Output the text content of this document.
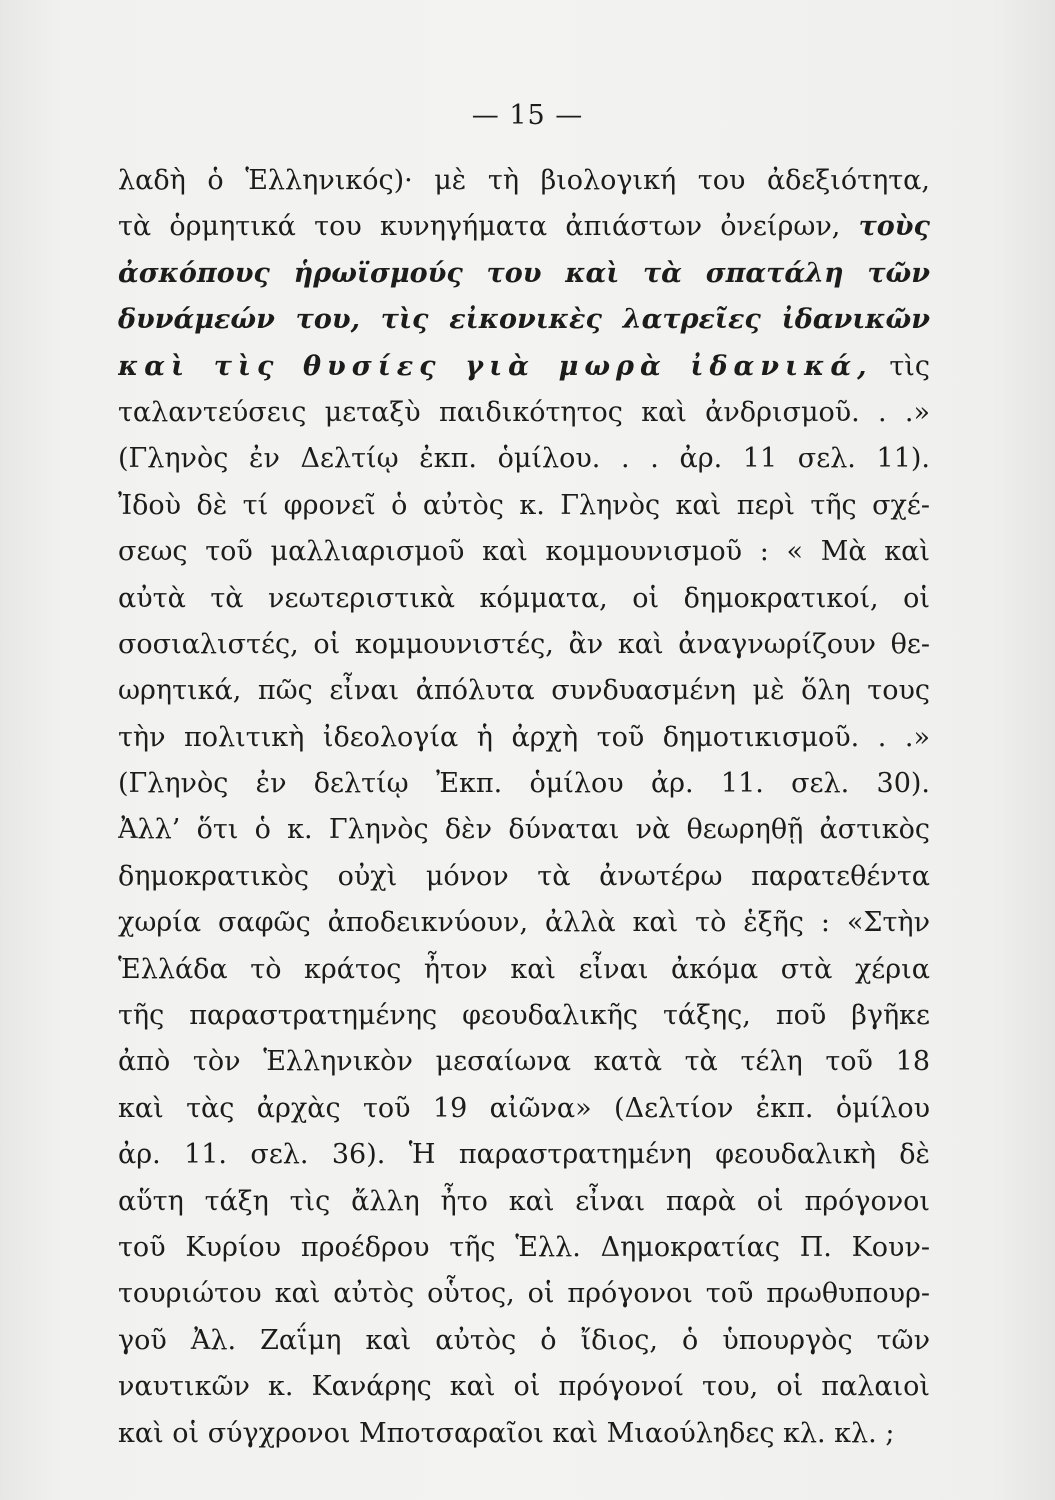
— 15 —
λαδὴ ὁ Ἑλληνικός)· μὲ τὴ βιολογική του ἀδεξιότητα,
τὰ ὁρμητικά του κυνηγήματα ἀπιάστων ὀνείρων, τοὺς
ἀσκόπους ἡρωϊσμούς του καὶ τὰ σπατάλη τῶν
δυνάμεών του, τὶς εἰκονικὲς λατρεῖες ἰδανικῶν
καὶ τὶς θυσίες γιὰ μωρὰ ἰδανικά, τὶς
ταλαντεύσεις μεταξὺ παιδικότητος καὶ ἀνδρισμοῦ. . .»
(Γληνὸς ἐν Δελτίῳ ἐκπ. ὁμίλου. . . ἀρ. 11 σελ. 11).
Ἰδοὺ δὲ τί φρονεῖ ὁ αὐτὸς κ. Γληνὸς καὶ περὶ τῆς σχέ-
σεως τοῦ μαλλιαρισμοῦ καὶ κομμουνισμοῦ : « Μὰ καὶ
αὐτὰ τὰ νεωτεριστικὰ κόμματα, οἱ δημοκρατικοί, οἱ
σοσιαλιστές, οἱ κομμουνιστές, ἂν καὶ ἀναγνωρίζουν θε-
ωρητικά, πῶς εἶναι ἀπόλυτα συνδυασμένη μὲ ὅλη τους
τὴν πολιτικὴ ἰδεολογία ἡ ἀρχὴ τοῦ δημοτικισμοῦ. . .»
(Γληνὸς ἐν δελτίῳ Ἐκπ. ὁμίλου ἀρ. 11. σελ. 30).
Ἀλλ’ ὅτι ὁ κ. Γληνὸς δὲν δύναται νὰ θεωρηθῇ ἀστικὸς
δημοκρατικὸς οὐχὶ μόνον τὰ ἀνωτέρω παρατεθέντα
χωρία σαφῶς ἀποδεικνύουν, ἀλλὰ καὶ τὸ ἑξῆς : «Στὴν
Ἑλλάδα τὸ κράτος ἦτον καὶ εἶναι ἀκόμα στὰ χέρια
τῆς παραστρατημένης φεουδαλικῆς τάξης, ποῦ βγῆκε
ἀπὸ τὸν Ἑλληνικὸν μεσαίωνα κατὰ τὰ τέλη τοῦ 18
καὶ τὰς ἀρχὰς τοῦ 19 αἰῶνα» (Δελτίον ἐκπ. ὁμίλου
ἀρ. 11. σελ. 36). Ἡ παραστρατημένη φεουδαλικὴ δὲ
αὕτη τάξη τὶς ἄλλη ἦτο καὶ εἶναι παρὰ οἱ πρόγονοι
τοῦ Κυρίου προέδρου τῆς Ἑλλ. Δημοκρατίας Π. Κουν-
τουριώτου καὶ αὐτὸς οὗτος, οἱ πρόγονοι τοῦ πρωθυπουρ-
γοῦ Ἀλ. Ζαΐμη καὶ αὐτὸς ὁ ἴδιος, ὁ ὑπουργὸς τῶν
ναυτικῶν κ. Κανάρης καὶ οἱ πρόγονοί του, οἱ παλαιοὶ
καὶ οἱ σύγχρονοι Μποτσαραῖοι καὶ Μιαούληδες κλ. κλ. ;
